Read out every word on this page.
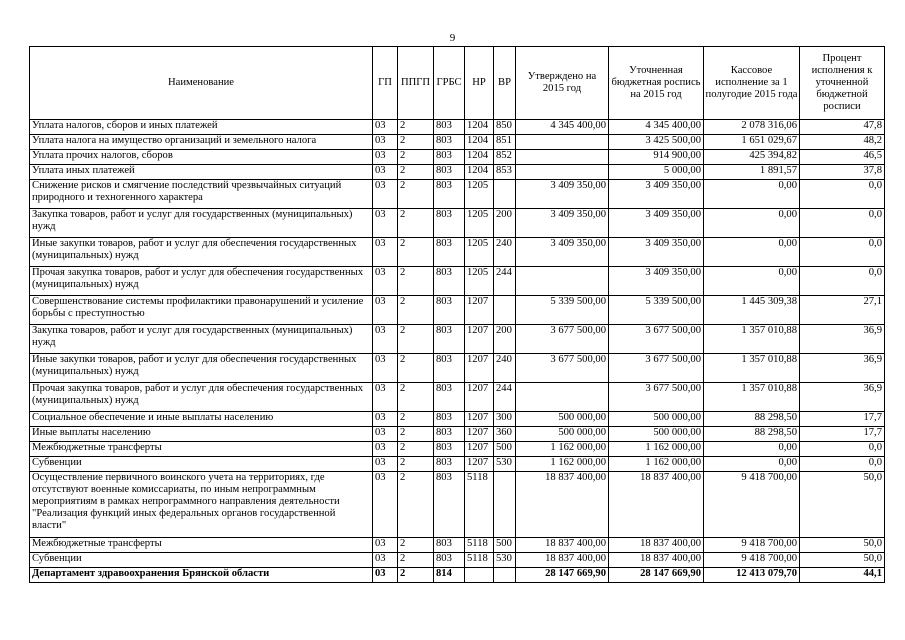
9
Наименование	ГП	ППГП	ГРБС	НР	ВР	Утверждено на 2015 год	Уточненная бюджетная роспись на 2015 год	Кассовое исполнение за 1 полугодие 2015 года	Процент исполнения к уточненной бюджетной росписи
Уплата налогов, сборов и иных платежей	03	2	803	1204	850	4 345 400,00	4 345 400,00	2 078 316,06	47,8
Уплата налога на имущество организаций и земельного налога	03	2	803	1204	851		3 425 500,00	1 651 029,67	48,2
Уплата прочих налогов, сборов	03	2	803	1204	852		914 900,00	425 394,82	46,5
Уплата иных платежей	03	2	803	1204	853		5 000,00	1 891,57	37,8
Снижение рисков и смягчение последствий чрезвычайных ситуаций природного и техногенного характера	03	2	803	1205		3 409 350,00	3 409 350,00	0,00	0,0
Закупка товаров, работ и услуг для государственных (муниципальных) нужд	03	2	803	1205	200	3 409 350,00	3 409 350,00	0,00	0,0
Иные закупки товаров, работ и услуг для обеспечения государственных (муниципальных) нужд	03	2	803	1205	240	3 409 350,00	3 409 350,00	0,00	0,0
Прочая закупка товаров, работ и услуг для обеспечения государственных (муниципальных) нужд	03	2	803	1205	244		3 409 350,00	0,00	0,0
Совершенствование системы профилактики правонарушений и усиление борьбы с преступностью	03	2	803	1207		5 339 500,00	5 339 500,00	1 445 309,38	27,1
Закупка товаров, работ и услуг для государственных (муниципальных) нужд	03	2	803	1207	200	3 677 500,00	3 677 500,00	1 357 010,88	36,9
Иные закупки товаров, работ и услуг для обеспечения государственных (муниципальных) нужд	03	2	803	1207	240	3 677 500,00	3 677 500,00	1 357 010,88	36,9
Прочая закупка товаров, работ и услуг для обеспечения государственных (муниципальных) нужд	03	2	803	1207	244		3 677 500,00	1 357 010,88	36,9
Социальное обеспечение и иные выплаты населению	03	2	803	1207	300	500 000,00	500 000,00	88 298,50	17,7
Иные выплаты населению	03	2	803	1207	360	500 000,00	500 000,00	88 298,50	17,7
Межбюджетные трансферты	03	2	803	1207	500	1 162 000,00	1 162 000,00	0,00	0,0
Субвенции	03	2	803	1207	530	1 162 000,00	1 162 000,00	0,00	0,0
Осуществление первичного воинского учета на территориях, где отсутствуют военные комиссариаты, по иным непрограммным мероприятиям в рамках непрограммного направления деятельности "Реализация функций иных федеральных органов государственной власти"	03	2	803	5118		18 837 400,00	18 837 400,00	9 418 700,00	50,0
Межбюджетные трансферты	03	2	803	5118	500	18 837 400,00	18 837 400,00	9 418 700,00	50,0
Субвенции	03	2	803	5118	530	18 837 400,00	18 837 400,00	9 418 700,00	50,0
Департамент здравоохранения Брянской области	03	2	814			28 147 669,90	28 147 669,90	12 413 079,70	44,1
